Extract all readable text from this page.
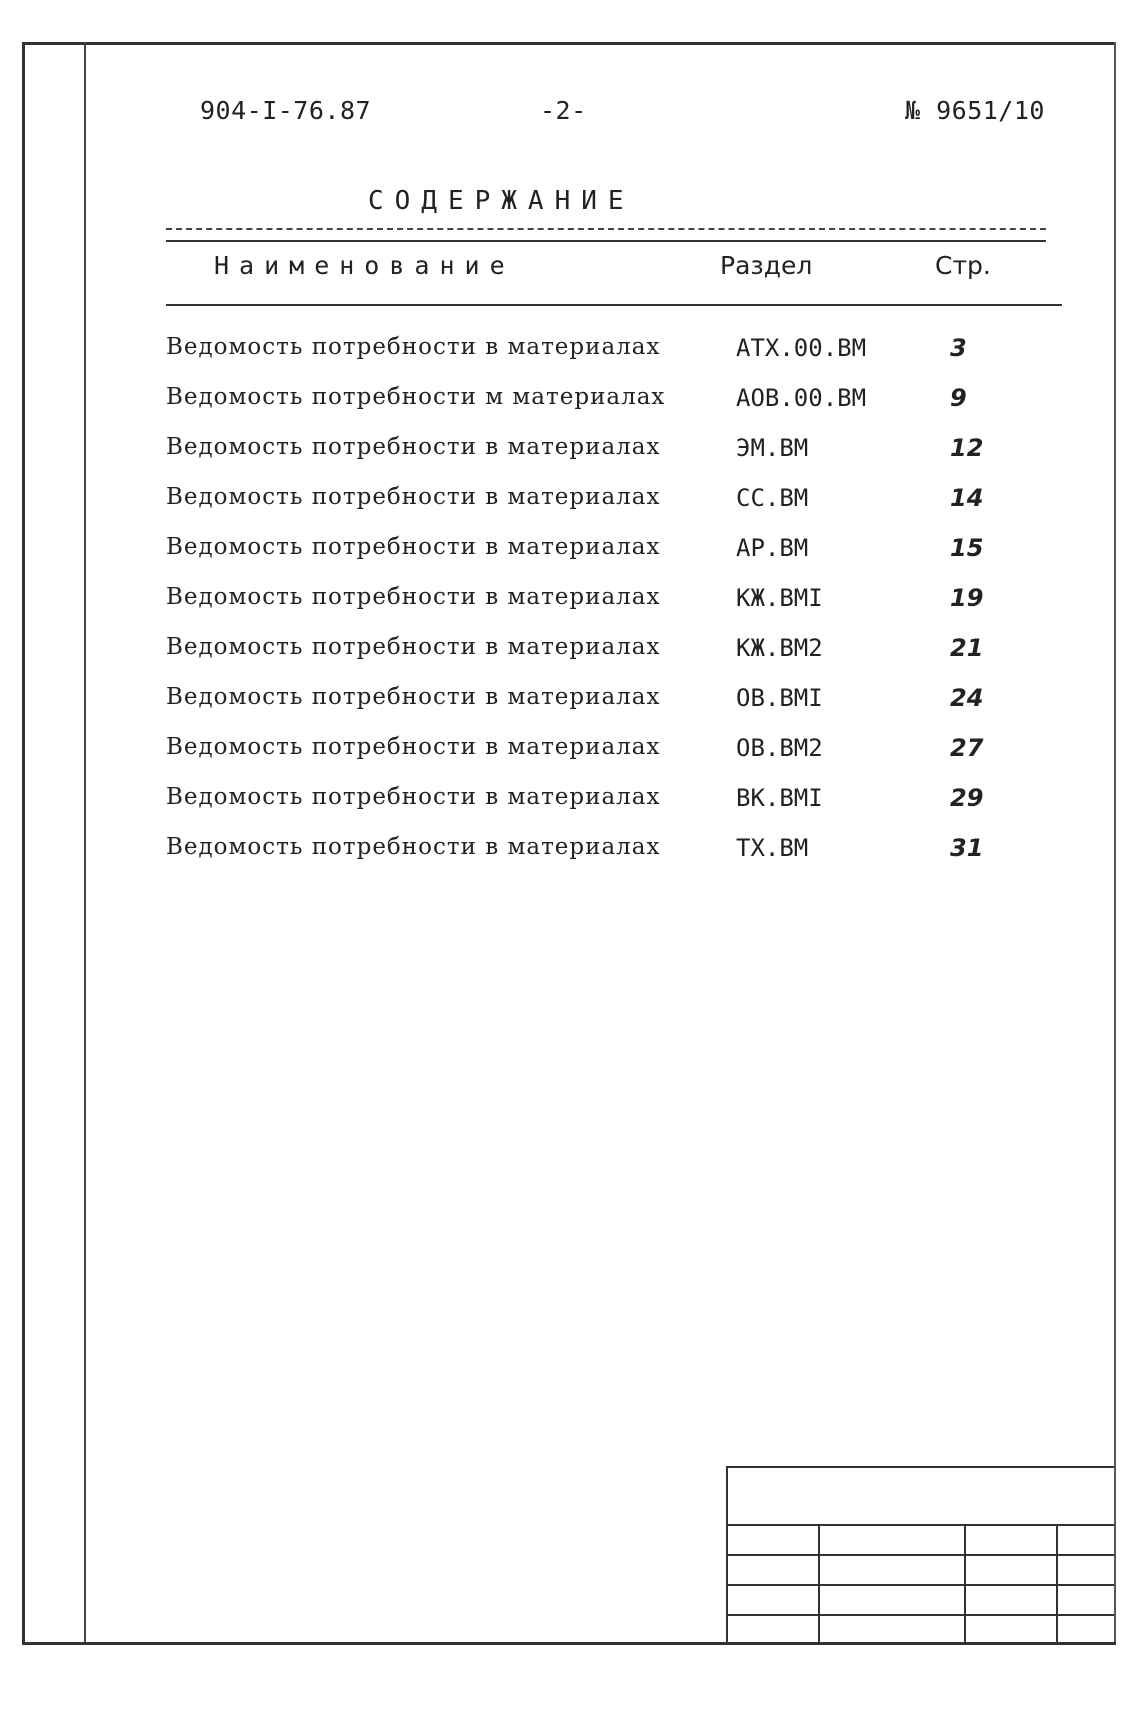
904-I-76.87	-2-	№ 9651/10
СОДЕРЖАНИЕ
Наименование	Раздел	Стр.
Ведомость потребности в материалах	АТХ.00.ВМ	3
Ведомость потребности м материалах	АОВ.00.ВМ	9
Ведомость потребности в материалах	ЭМ.ВМ	12
Ведомость потребности в материалах	СС.ВМ	14
Ведомость потребности в материалах	АР.ВМ	15
Ведомость потребности в материалах	КЖ.ВМI	19
Ведомость потребности в материалах	КЖ.ВМ2	21
Ведомость потребности в материалах	ОВ.ВМI	24
Ведомость потребности в материалах	ОВ.ВМ2	27
Ведомость потребности в материалах	ВК.ВМI	29
Ведомость потребности в материалах	ТХ.ВМ	31
